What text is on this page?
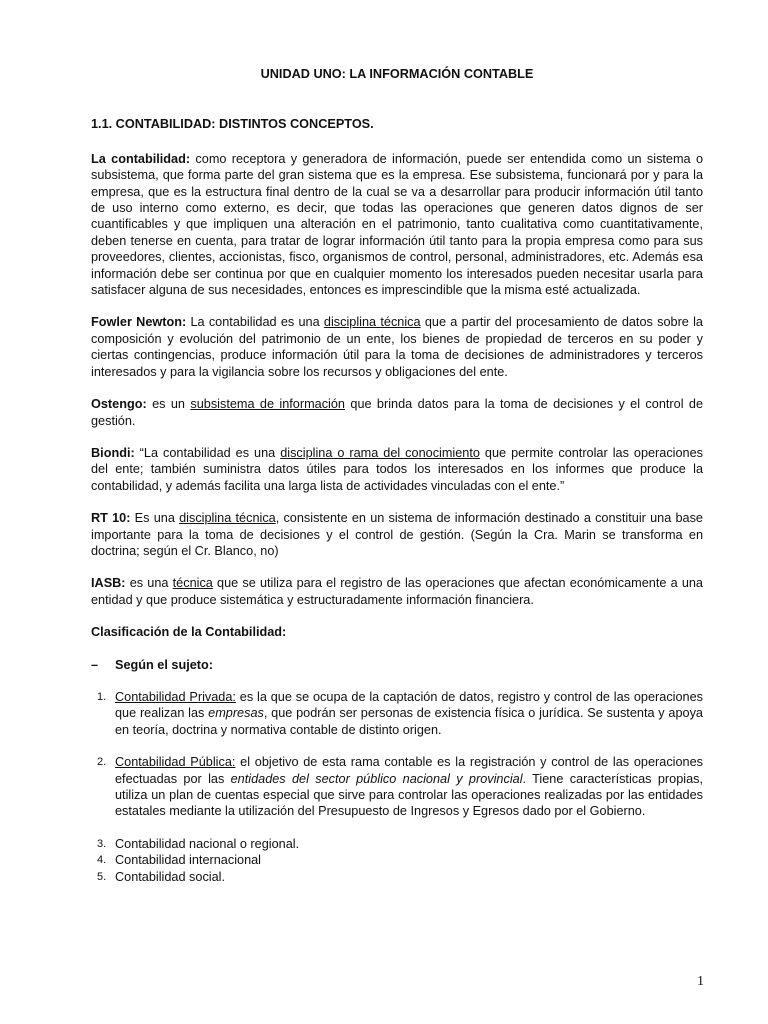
UNIDAD UNO: LA INFORMACIÓN CONTABLE
1.1. CONTABILIDAD: DISTINTOS CONCEPTOS.

La contabilidad: como receptora y generadora de información, puede ser entendida como un sistema o subsistema, que forma parte del gran sistema que es la empresa. Ese subsistema, funcionará por y para la empresa, que es la estructura final dentro de la cual se va a desarrollar para producir información útil tanto de uso interno como externo, es decir, que todas las operaciones que generen datos dignos de ser cuantificables y que impliquen una alteración en el patrimonio, tanto cualitativa como cuantitativamente, deben tenerse en cuenta, para tratar de lograr información útil tanto para la propia empresa como para sus proveedores, clientes, accionistas, fisco, organismos de control, personal, administradores, etc. Además esa información debe ser continua por que en cualquier momento los interesados pueden necesitar usarla para satisfacer alguna de sus necesidades, entonces es imprescindible que la misma esté actualizada.

Fowler Newton: La contabilidad es una disciplina técnica que a partir del procesamiento de datos sobre la composición y evolución del patrimonio de un ente, los bienes de propiedad de terceros en su poder y ciertas contingencias, produce información útil para la toma de decisiones de administradores y terceros interesados y para la vigilancia sobre los recursos y obligaciones del ente.

Ostengo: es un subsistema de información que brinda datos para la toma de decisiones y el control de gestión.

Biondi: “La contabilidad es una disciplina o rama del conocimiento que permite controlar las operaciones del ente; también suministra datos útiles para todos los interesados en los informes que produce la contabilidad, y además facilita una larga lista de actividades vinculadas con el ente.”

RT 10: Es una disciplina técnica, consistente en un sistema de información destinado a constituir una base importante para la toma de decisiones y el control de gestión. (Según la Cra. Marin se transforma en doctrina; según el Cr. Blanco, no)

IASB: es una técnica que se utiliza para el registro de las operaciones que afectan económicamente a una entidad y que produce sistemática y estructuradamente información financiera.

Clasificación de la Contabilidad:
–	Según el sujeto:
1. Contabilidad Privada: es la que se ocupa de la captación de datos, registro y control de las operaciones que realizan las empresas, que podrán ser personas de existencia física o jurídica. Se sustenta y apoya en teoría, doctrina y normativa contable de distinto origen.
2. Contabilidad Pública: el objetivo de esta rama contable es la registración y control de las operaciones efectuadas por las entidades del sector público nacional y provincial. Tiene características propias, utiliza un plan de cuentas especial que sirve para controlar las operaciones realizadas por las entidades estatales mediante la utilización del Presupuesto de Ingresos y Egresos dado por el Gobierno.
3. Contabilidad nacional o regional.
4. Contabilidad internacional
5. Contabilidad social.
1
